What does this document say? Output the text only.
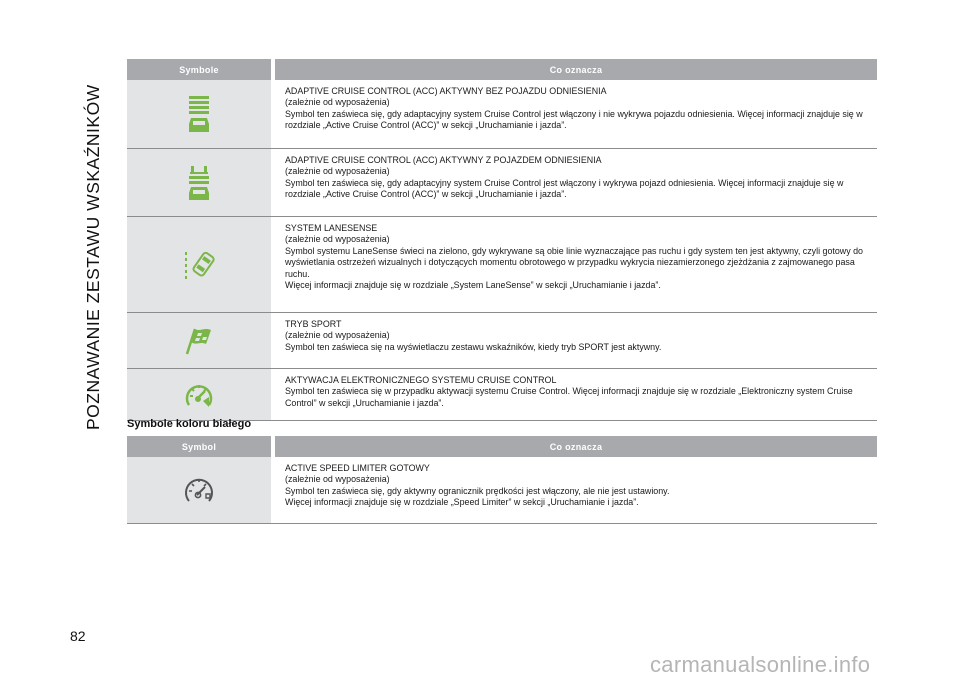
POZNAWANIE ZESTAWU WSKAŹNIKÓW
Symbole	Co oznacza
ADAPTIVE CRUISE CONTROL (ACC) AKTYWNY BEZ POJAZDU ODNIESIENIA
(zależnie od wyposażenia)
Symbol ten zaświeca się, gdy adaptacyjny system Cruise Control jest włączony i nie wykrywa pojazdu odniesienia. Więcej informacji znajduje się w rozdziale „Active Cruise Control (ACC)” w sekcji „Uruchamianie i jazda”.
ADAPTIVE CRUISE CONTROL (ACC) AKTYWNY Z POJAZDEM ODNIESIENIA
(zależnie od wyposażenia)
Symbol ten zaświeca się, gdy adaptacyjny system Cruise Control jest włączony i wykrywa pojazd odniesienia. Więcej informacji znajduje się w rozdziale „Active Cruise Control (ACC)” w sekcji „Uruchamianie i jazda”.
SYSTEM LANESENSE
(zależnie od wyposażenia)
Symbol systemu LaneSense świeci na zielono, gdy wykrywane są obie linie wyznaczające pas ruchu i gdy system ten jest aktywny, czyli gotowy do wyświetlania ostrzeżeń wizualnych i dotyczących momentu obrotowego w przypadku wykrycia niezamierzonego zjeżdżania z zajmowanego pasa ruchu.
Więcej informacji znajduje się w rozdziale „System LaneSense” w sekcji „Uruchamianie i jazda”.
TRYB SPORT
(zależnie od wyposażenia)
Symbol ten zaświeca się na wyświetlaczu zestawu wskaźników, kiedy tryb SPORT jest aktywny.
AKTYWACJA ELEKTRONICZNEGO SYSTEMU CRUISE CONTROL
Symbol ten zaświeca się w przypadku aktywacji systemu Cruise Control. Więcej informacji znajduje się w rozdziale „Elektroniczny system Cruise Control” w sekcji „Uruchamianie i jazda”.
Symbole koloru białego
Symbol	Co oznacza
ACTIVE SPEED LIMITER GOTOWY
(zależnie od wyposażenia)
Symbol ten zaświeca się, gdy aktywny ogranicznik prędkości jest włączony, ale nie jest ustawiony.
Więcej informacji znajduje się w rozdziale „Speed Limiter” w sekcji „Uruchamianie i jazda”.
82
carmanualsonline.info
